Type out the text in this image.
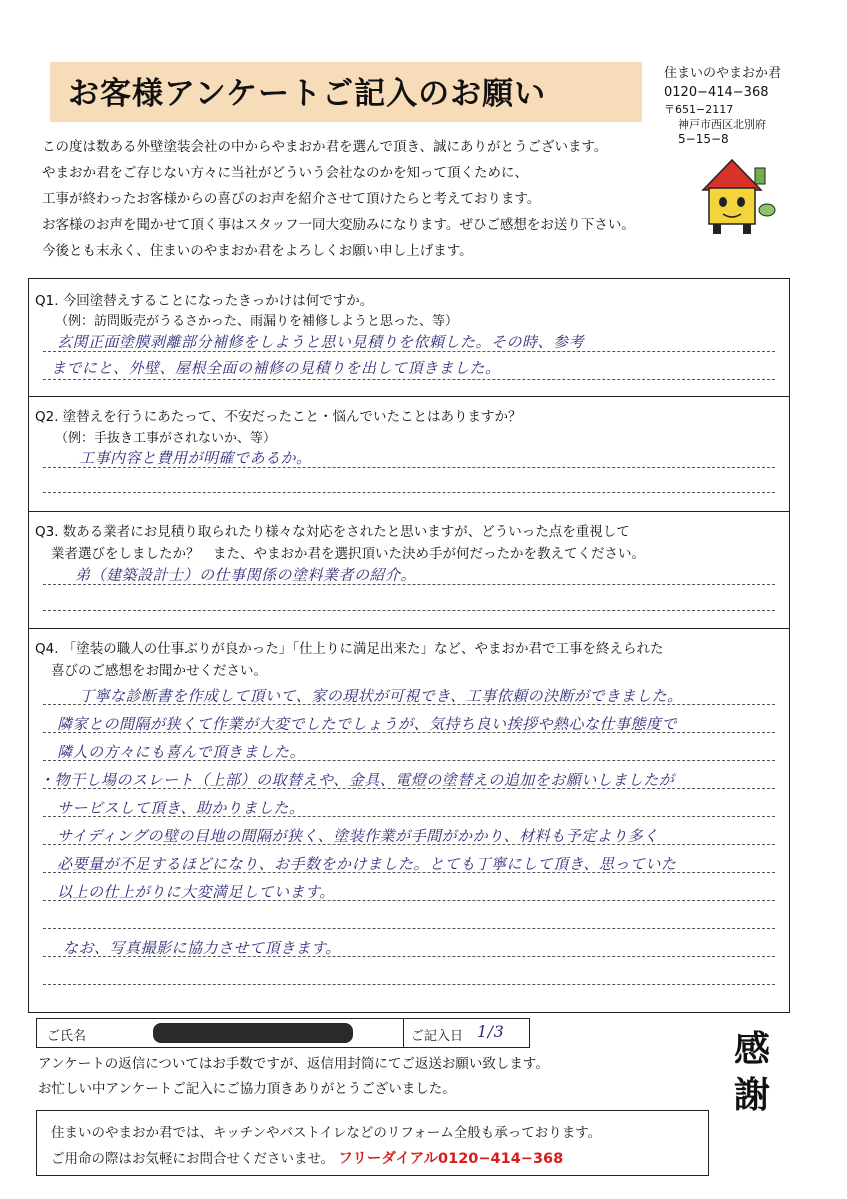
お客様アンケートご記入のお願い
住まいのやまおか君
0120−414−368
〒651−2117
神戸市西区北別府
5−15−8
この度は数ある外壁塗装会社の中からやまおか君を選んで頂き、誠にありがとうございます。
やまおか君をご存じない方々に当社がどういう会社なのかを知って頂くために、
工事が終わったお客様からの喜びのお声を紹介させて頂けたらと考えております。
お客様のお声を聞かせて頂く事はスタッフ一同大変励みになります。ぜひご感想をお送り下さい。
今後とも末永く、住まいのやまおか君をよろしくお願い申し上げます。
Q1. 今回塗替えすることになったきっかけは何ですか。
（例：訪問販売がうるさかった、雨漏りを補修しようと思った、等）
玄関正面塗膜剥離部分補修をしようと思い見積りを依頼した。その時、参考
までにと、外壁、屋根全面の補修の見積りを出して頂きました。
Q2. 塗替えを行うにあたって、不安だったこと・悩んでいたことはありますか？
（例：手抜き工事がされないか、等）
工事内容と費用が明確であるか。
Q3. 数ある業者にお見積り取られたり様々な対応をされたと思いますが、どういった点を重視して
業者選びをしましたか？　また、やまおか君を選択頂いた決め手が何だったかを教えてください。
弟（建築設計士）の仕事関係の塗料業者の紹介。
Q4. 「塗装の職人の仕事ぶりが良かった」「仕上りに満足出来た」など、やまおか君で工事を終えられた
喜びのご感想をお聞かせください。
丁寧な診断書を作成して頂いて、家の現状が可視でき、工事依頼の決断ができました。
隣家との間隔が狭くて作業が大変でしたでしょうが、気持ち良い挨拶や熱心な仕事態度で
隣人の方々にも喜んで頂きました。
・物干し場のスレート（上部）の取替えや、金具、電燈の塗替えの追加をお願いしましたが
サービスして頂き、助かりました。
サイディングの壁の目地の間隔が狭く、塗装作業が手間がかかり、材料も予定より多く
必要量が不足するほどになり、お手数をかけました。とても丁寧にして頂き、思っていた
以上の仕上がりに大変満足しています。
なお、写真撮影に協力させて頂きます。
ご氏名	ご記入日 1/3
アンケートの返信についてはお手数ですが、返信用封筒にてご返送お願い致します。
お忙しい中アンケートご記入にご協力頂きありがとうございました。
感
謝
住まいのやまおか君では、キッチンやバストイレなどのリフォーム全般も承っております。
ご用命の際はお気軽にお問合せくださいませ。 フリーダイアル0120−414−368
